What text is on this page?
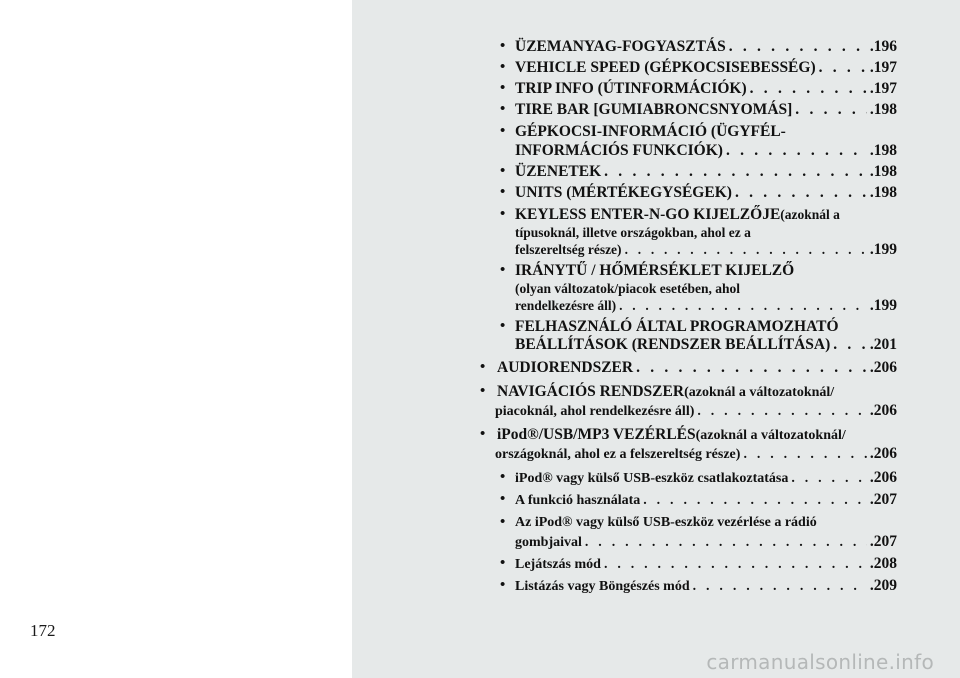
172
• ÜZEMANYAG-FOGYASZTÁS . . .	.196
• VEHICLE SPEED (GÉPKOCSISEBESSÉG) . . .	.197
• TRIP INFO (ÚTINFORMÁCIÓK) . . .	.197
• TIRE BAR [GUMIABRONCSNYOMÁS] . . .	.198
• GÉPKOCSI-INFORMÁCIÓ (ÜGYFÉL-
INFORMÁCIÓS FUNKCIÓK) . . .	.198
• ÜZENETEK . . .	.198
• UNITS (MÉRTÉKEGYSÉGEK) . . .	.198
• KEYLESS ENTER-N-GO KIJELZŐJE (azoknál a
típusoknál, illetve országokban, ahol ez a
felszereltség része) . . .	.199
• IRÁNYTŰ / HŐMÉRSÉKLET KIJELZŐ
(olyan változatok/piacok esetében, ahol
rendelkezésre áll) . . .	.199
• FELHASZNÁLÓ ÁLTAL PROGRAMOZHATÓ
BEÁLLÍTÁSOK (RENDSZER BEÁLLÍTÁSA) . . .	.201
• AUDIORENDSZER . . .	.206
• NAVIGÁCIÓS RENDSZER (azoknál a változatoknál/
piacoknál, ahol rendelkezésre áll) . . .	.206
• iPod®/USB/MP3 VEZÉRLÉS (azoknál a változatoknál/
országoknál, ahol ez a felszereltség része) . . .	.206
• iPod® vagy külső USB-eszköz csatlakoztatása . . .	.206
• A funkció használata . . .	.207
• Az iPod® vagy külső USB-eszköz vezérlése a rádió
gombjaival . . .	.207
• Lejátszás mód . . .	.208
• Listázás vagy Böngészés mód . . .	.209
carmanualsonline.info
